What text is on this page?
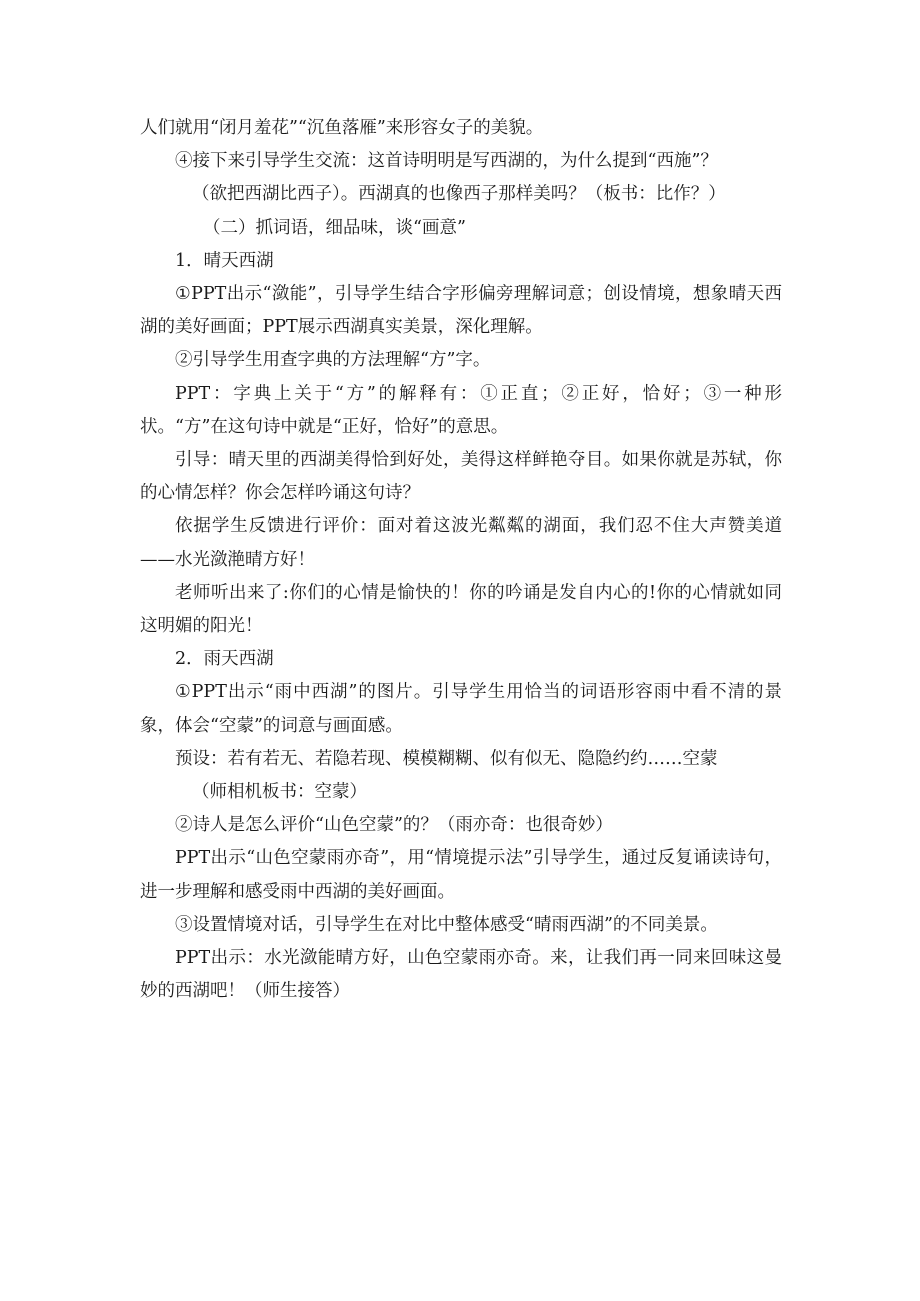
人们就用“闭月羞花”“沉鱼落雁”来形容女子的美貌。

④接下来引导学生交流：这首诗明明是写西湖的，为什么提到“西施”？

（欲把西湖比西子）。西湖真的也像西子那样美吗？（板书：比作？）

（二）抓词语，细品味，谈“画意”

1．晴天西湖

①PPT出示“潋能”，引导学生结合字形偏旁理解词意；创设情境，想象晴天西湖的美好画面；PPT展示西湖真实美景，深化理解。

②引导学生用查字典的方法理解“方”字。

PPT：字典上关于“方”的解释有：①正直；②正好，恰好；③一种形状。“方”在这句诗中就是“正好，恰好”的意思。

引导：晴天里的西湖美得恰到好处，美得这样鲜艳夺目。如果你就是苏轼，你的心情怎样？你会怎样吟诵这句诗？

依据学生反馈进行评价：面对着这波光粼粼的湖面，我们忍不住大声赞美道——水光潋滟晴方好！

老师听出来了:你们的心情是愉快的！你的吟诵是发自内心的!你的心情就如同这明媚的阳光！

2．雨天西湖

①PPT出示“雨中西湖”的图片。引导学生用恰当的词语形容雨中看不清的景象，体会“空蒙”的词意与画面感。

预设：若有若无、若隐若现、模模糊糊、似有似无、隐隐约约……空蒙

（师相机板书：空蒙）

②诗人是怎么评价“山色空蒙”的？（雨亦奇：也很奇妙）

PPT出示“山色空蒙雨亦奇”，用“情境提示法”引导学生，通过反复诵读诗句，进一步理解和感受雨中西湖的美好画面。

③设置情境对话，引导学生在对比中整体感受“晴雨西湖”的不同美景。

PPT出示：水光潋能晴方好，山色空蒙雨亦奇。来，让我们再一同来回味这曼妙的西湖吧！（师生接答）
